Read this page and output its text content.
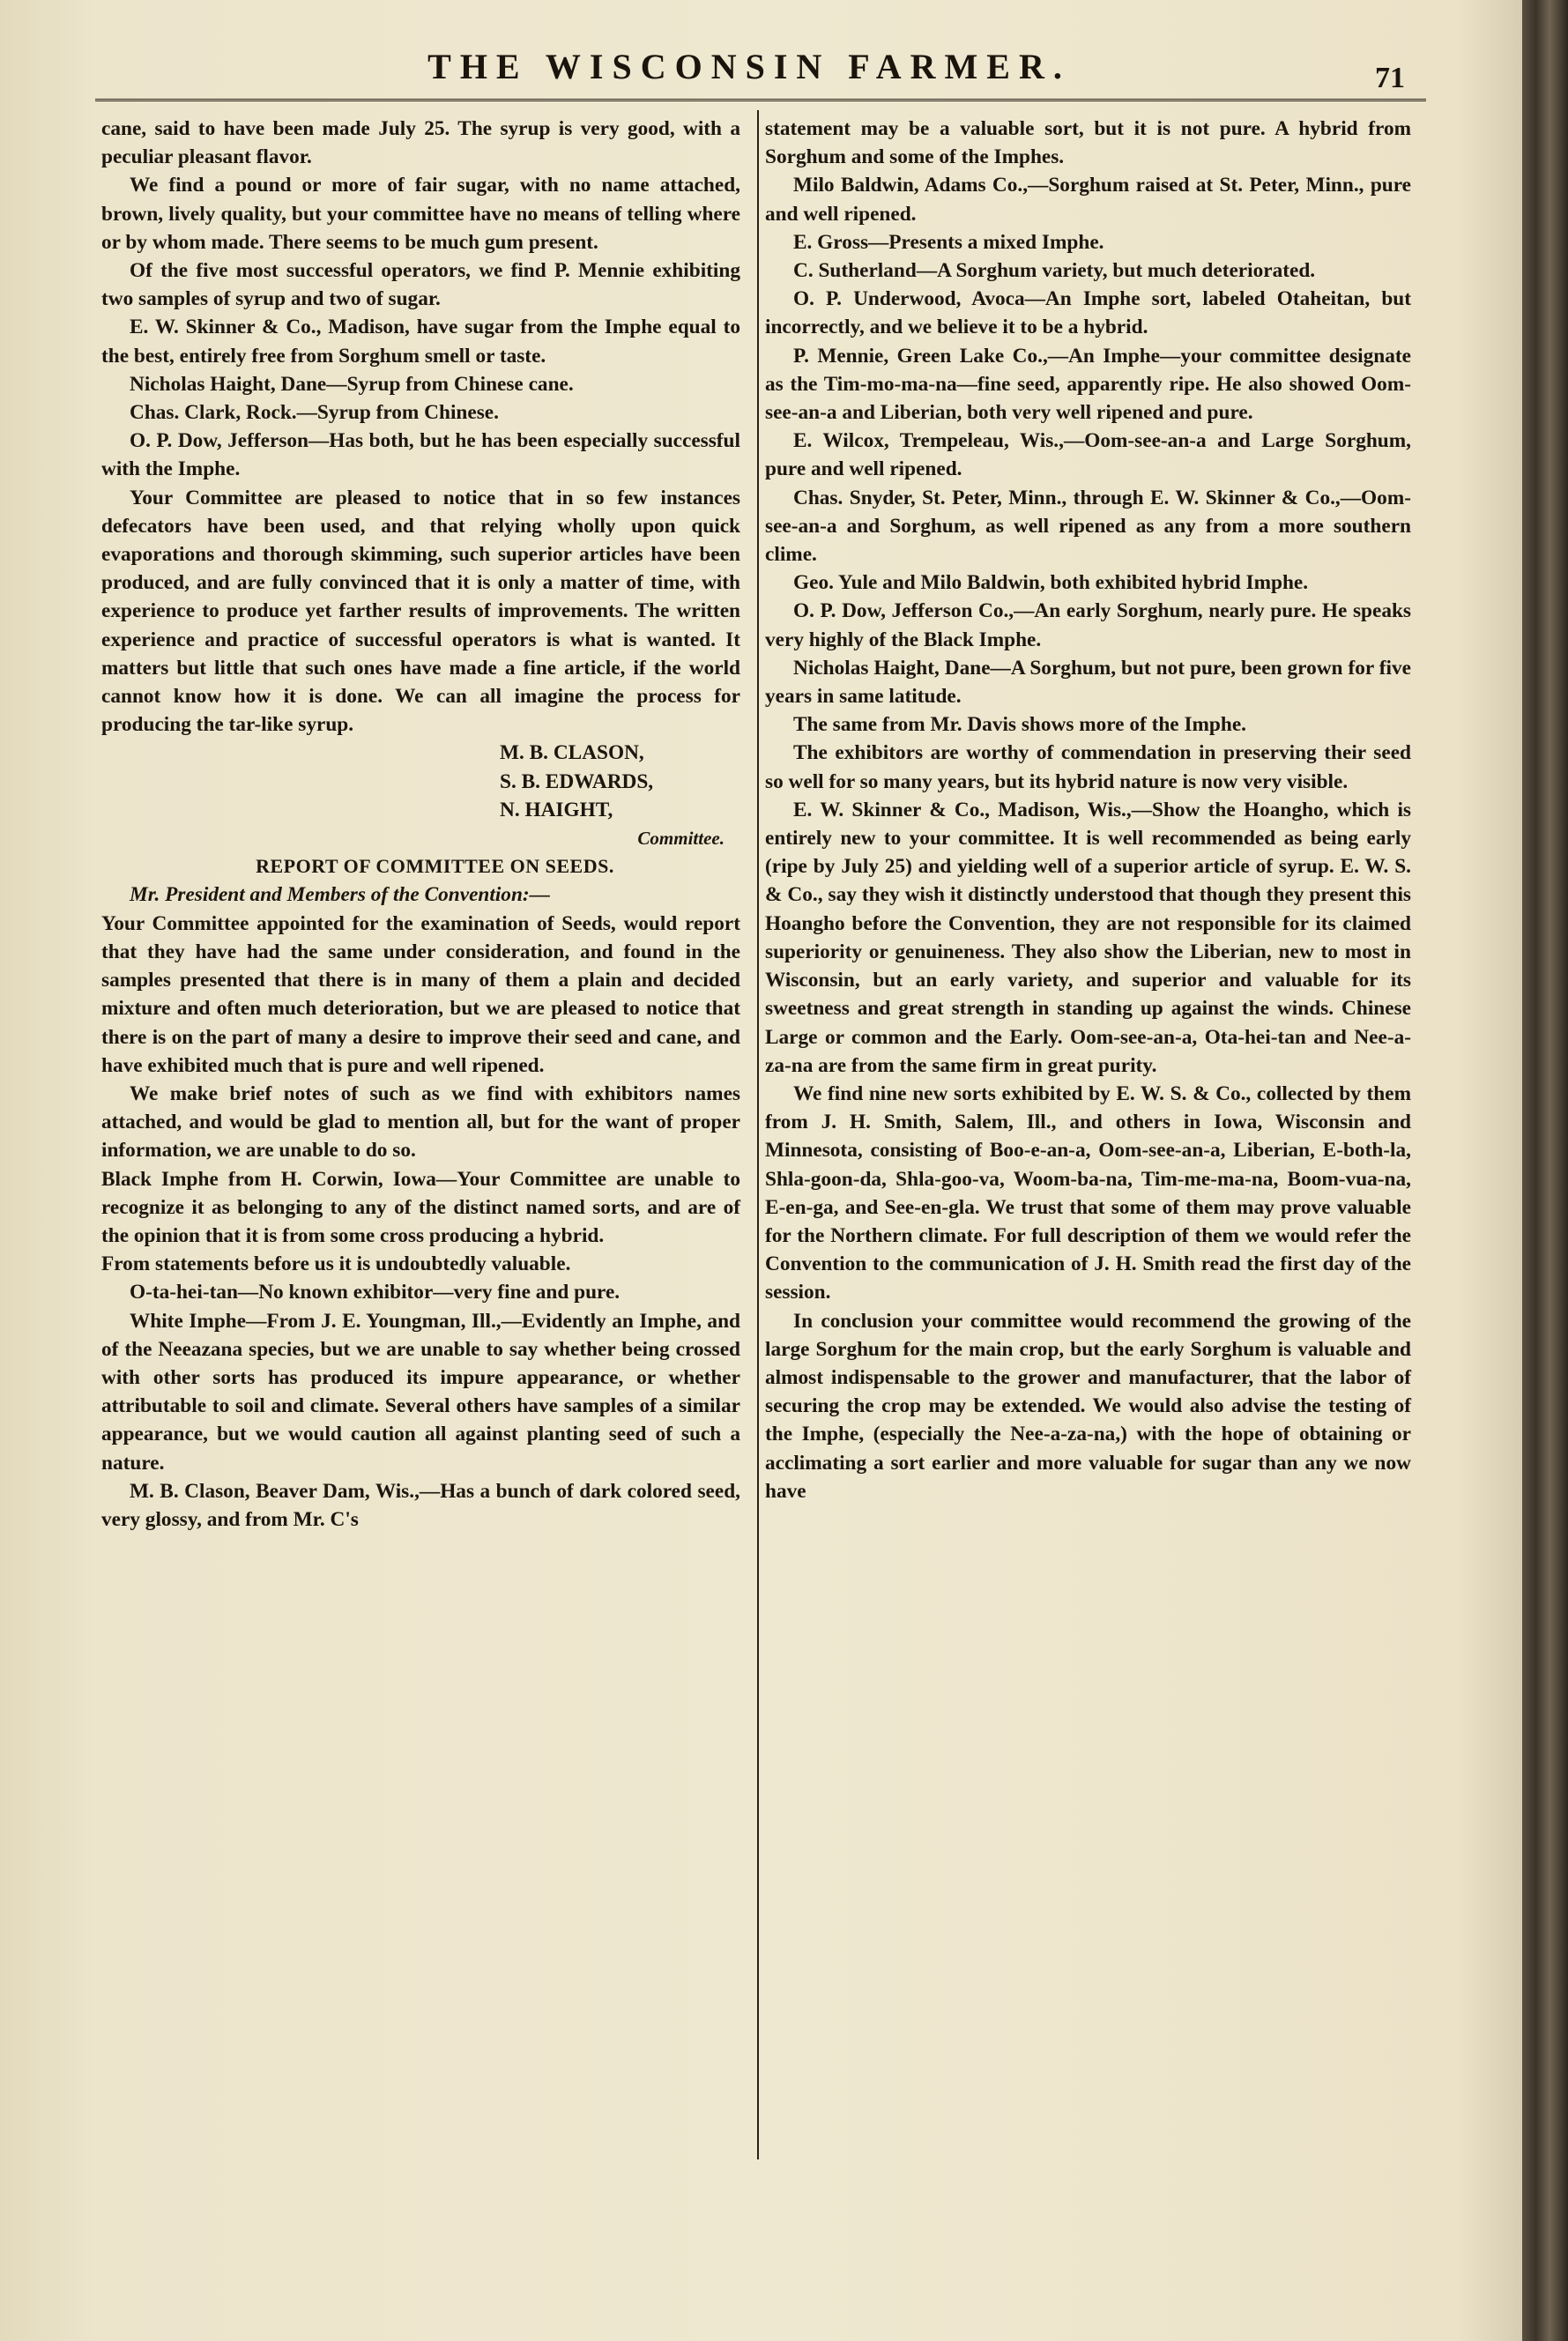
THE WISCONSIN FARMER.	71

cane, said to have been made July 25. The syrup is very good, with a peculiar pleasant flavor.

We find a pound or more of fair sugar, with no name attached, brown, lively quality, but your committee have no means of telling where or by whom made. There seems to be much gum present.

Of the five most successful operators, we find P. Mennie exhibiting two samples of syrup and two of sugar.

E. W. Skinner & Co., Madison, have sugar from the Imphe equal to the best, entirely free from Sorghum smell or taste.

Nicholas Haight, Dane—Syrup from Chinese cane.

Chas. Clark, Rock.—Syrup from Chinese.

O. P. Dow, Jefferson—Has both, but he has been especially successful with the Imphe.

Your Committee are pleased to notice that in so few instances defecators have been used, and that relying wholly upon quick evaporations and thorough skimming, such superior articles have been produced, and are fully convinced that it is only a matter of time, with experience to produce yet farther results of improvements. The written experience and practice of successful operators is what is wanted. It matters but little that such ones have made a fine article, if the world cannot know how it is done. We can all imagine the process for producing the tar-like syrup.

M. B. CLASON,

S. B. EDWARDS,

N. HAIGHT,

Committee.

REPORT OF COMMITTEE ON SEEDS.

Mr. President and Members of the Convention:—

Your Committee appointed for the examination of Seeds, would report that they have had the same under consideration, and found in the samples presented that there is in many of them a plain and decided mixture and often much deterioration, but we are pleased to notice that there is on the part of many a desire to improve their seed and cane, and have exhibited much that is pure and well ripened.

We make brief notes of such as we find with exhibitors names attached, and would be glad to mention all, but for the want of proper information, we are unable to do so.

Black Imphe from H. Corwin, Iowa—Your Committee are unable to recognize it as belonging to any of the distinct named sorts, and are of the opinion that it is from some cross producing a hybrid.

From statements before us it is undoubtedly valuable.

O-ta-hei-tan—No known exhibitor—very fine and pure.

White Imphe—From J. E. Youngman, Ill.,—Evidently an Imphe, and of the Neeazana species, but we are unable to say whether being crossed with other sorts has produced its impure appearance, or whether attributable to soil and climate. Several others have samples of a similar appearance, but we would caution all against planting seed of such a nature.

M. B. Clason, Beaver Dam, Wis.,—Has a bunch of dark colored seed, very glossy, and from Mr. C's

statement may be a valuable sort, but it is not pure. A hybrid from Sorghum and some of the Imphes.

Milo Baldwin, Adams Co.,—Sorghum raised at St. Peter, Minn., pure and well ripened.

E. Gross—Presents a mixed Imphe.

C. Sutherland—A Sorghum variety, but much deteriorated.

O. P. Underwood, Avoca—An Imphe sort, labeled Otaheitan, but incorrectly, and we believe it to be a hybrid.

P. Mennie, Green Lake Co.,—An Imphe—your committee designate as the Tim-mo-ma-na—fine seed, apparently ripe. He also showed Oom-see-an-a and Liberian, both very well ripened and pure.

E. Wilcox, Trempeleau, Wis.,—Oom-see-an-a and Large Sorghum, pure and well ripened.

Chas. Snyder, St. Peter, Minn., through E. W. Skinner & Co.,—Oom-see-an-a and Sorghum, as well ripened as any from a more southern clime.

Geo. Yule and Milo Baldwin, both exhibited hybrid Imphe.

O. P. Dow, Jefferson Co.,—An early Sorghum, nearly pure. He speaks very highly of the Black Imphe.

Nicholas Haight, Dane—A Sorghum, but not pure, been grown for five years in same latitude.

The same from Mr. Davis shows more of the Imphe.

The exhibitors are worthy of commendation in preserving their seed so well for so many years, but its hybrid nature is now very visible.

E. W. Skinner & Co., Madison, Wis.,—Show the Hoangho, which is entirely new to your committee. It is well recommended as being early (ripe by July 25) and yielding well of a superior article of syrup. E. W. S. & Co., say they wish it distinctly understood that though they present this Hoangho before the Convention, they are not responsible for its claimed superiority or genuineness. They also show the Liberian, new to most in Wisconsin, but an early variety, and superior and valuable for its sweetness and great strength in standing up against the winds. Chinese Large or common and the Early. Oom-see-an-a, Ota-hei-tan and Nee-a-za-na are from the same firm in great purity.

We find nine new sorts exhibited by E. W. S. & Co., collected by them from J. H. Smith, Salem, Ill., and others in Iowa, Wisconsin and Minnesota, consisting of Boo-e-an-a, Oom-see-an-a, Liberian, E-both-la, Shla-goon-da, Shla-goo-va, Woom-ba-na, Tim-me-ma-na, Boom-vua-na, E-en-ga, and See-en-gla. We trust that some of them may prove valuable for the Northern climate. For full description of them we would refer the Convention to the communication of J. H. Smith read the first day of the session.

In conclusion your committee would recommend the growing of the large Sorghum for the main crop, but the early Sorghum is valuable and almost indispensable to the grower and manufacturer, that the labor of securing the crop may be extended. We would also advise the testing of the Imphe, (especially the Nee-a-za-na,) with the hope of obtaining or acclimating a sort earlier and more valuable for sugar than any we now have
